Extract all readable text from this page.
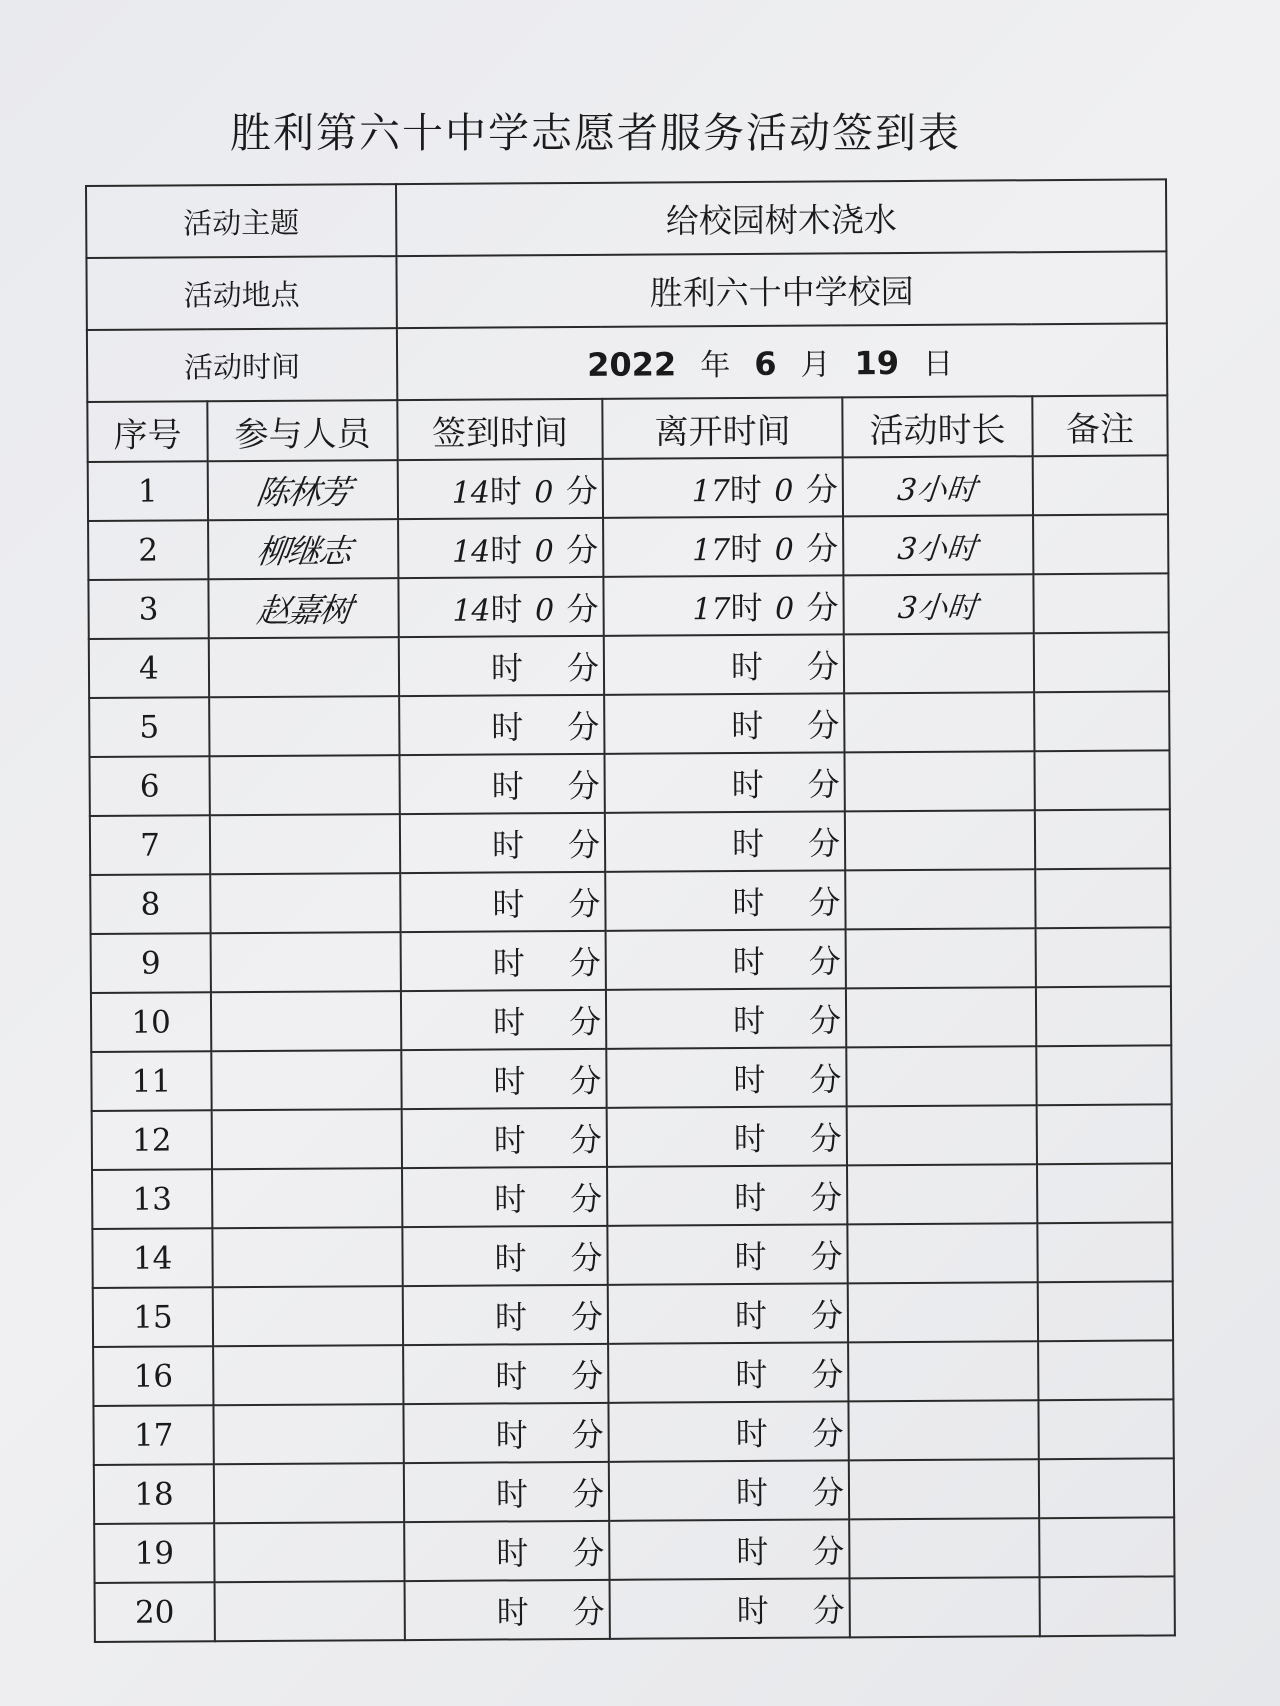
胜利第六十中学志愿者服务活动签到表
活动主题		给校园树木浇水			
活动地点		胜利六十中学校园			
活动时间		2022 年 6 月 19 日			
序号	参与人员	签到时间	离开时间	活动时长	备注
1	陈林芳	14时 0 分	17时 0 分	3小时	
2	柳继志	14时 0 分	17时 0 分	3小时	
3	赵嘉树	14时 0 分	17时 0 分	3小时	
4		时 分	时 分		
5		时 分	时 分		
6		时 分	时 分		
7		时 分	时 分		
8		时 分	时 分		
9		时 分	时 分		
10		时 分	时 分		
11		时 分	时 分		
12		时 分	时 分		
13		时 分	时 分		
14		时 分	时 分		
15		时 分	时 分		
16		时 分	时 分		
17		时 分	时 分		
18		时 分	时 分		
19		时 分	时 分		
20		时 分	时 分		
